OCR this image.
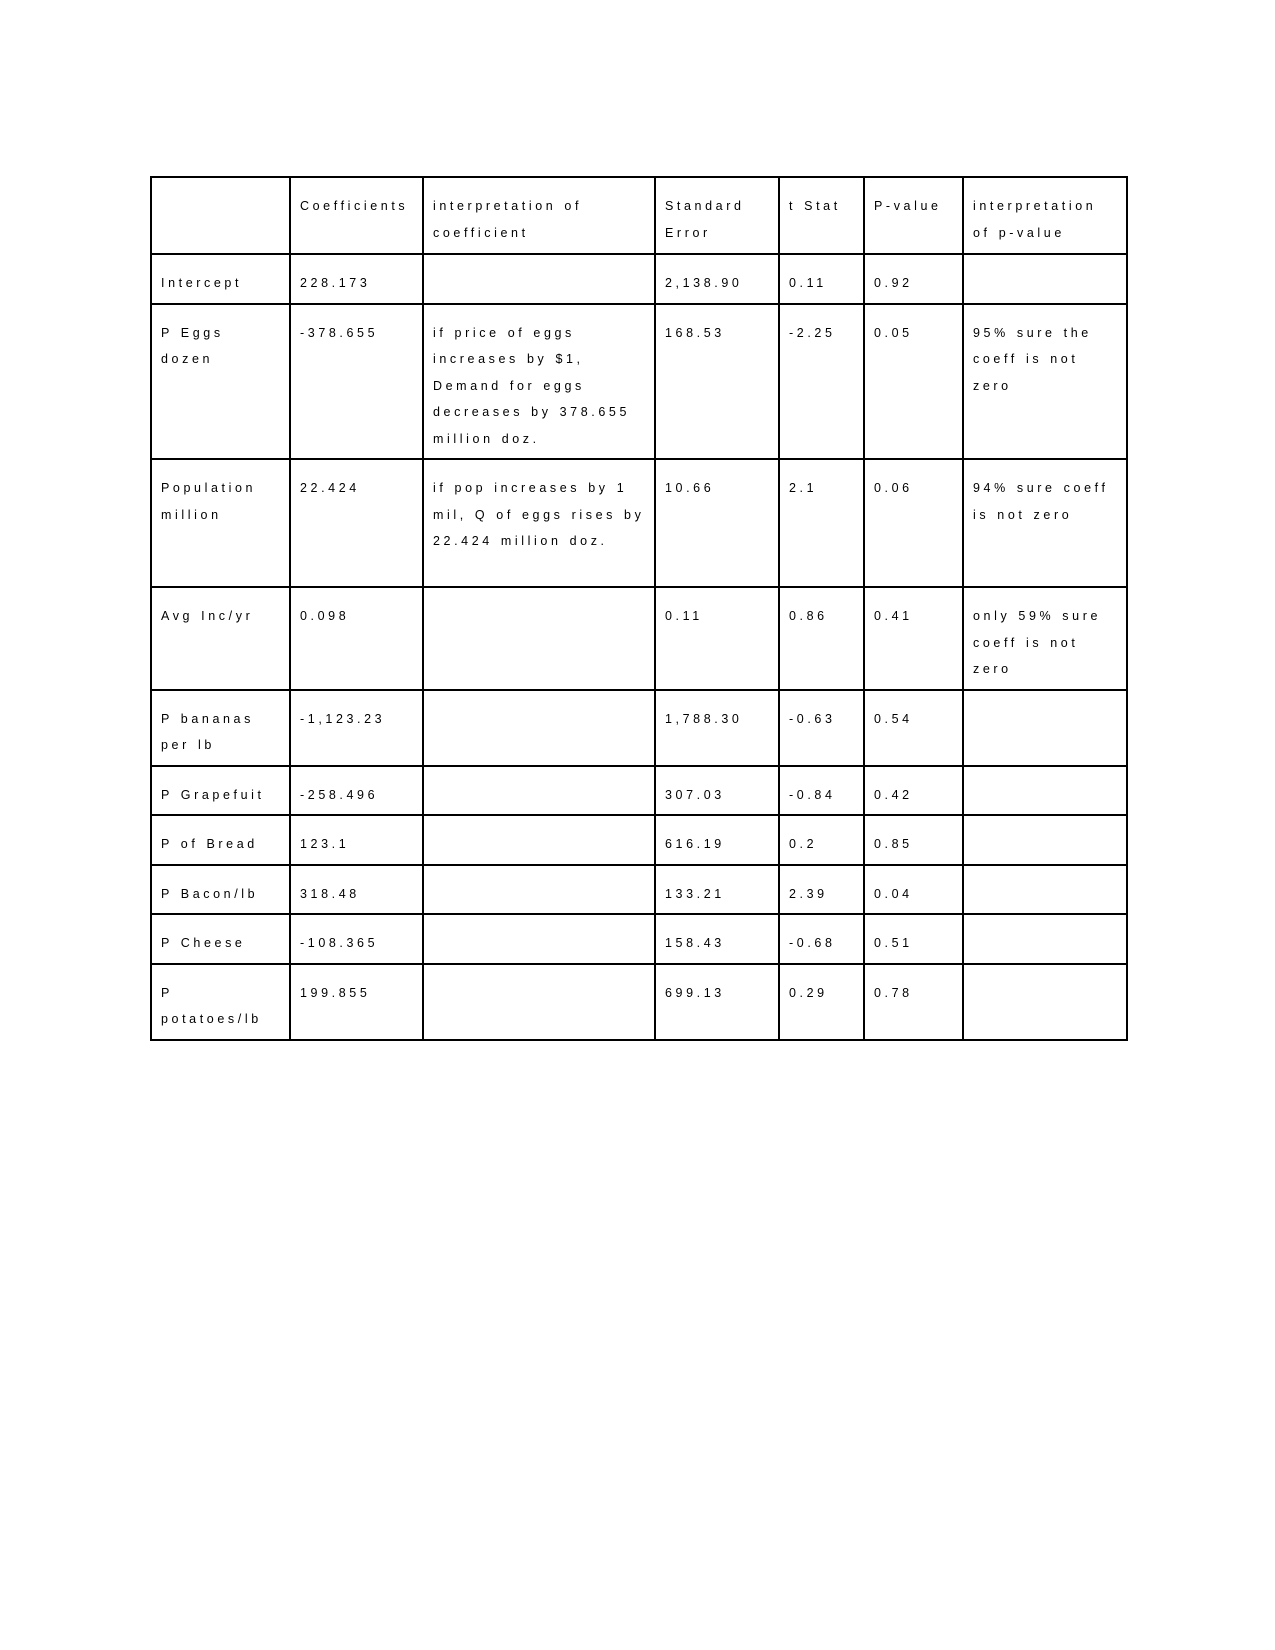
	Coefficients	interpretation of coefficient	Standard Error	t Stat	P-value	interpretation of p-value

Intercept	228.173		2,138.90	0.11	0.92	

P Eggs dozen	-378.655	if price of eggs increases by $1, Demand for eggs decreases by 378.655 million doz.	168.53	-2.25	0.05	95% sure the coeff is not zero

Population million	22.424	if pop increases by 1 mil, Q of eggs rises by 22.424 million doz.	10.66	2.1	0.06	94% sure coeff is not zero

Avg Inc/yr	0.098		0.11	0.86	0.41	only 59% sure coeff is not zero

P bananas per lb	-1,123.23		1,788.30	-0.63	0.54	

P Grapefuit	-258.496		307.03	-0.84	0.42	

P of Bread	123.1		616.19	0.2	0.85	

P Bacon/lb	318.48		133.21	2.39	0.04	

P Cheese	-108.365		158.43	-0.68	0.51	

P potatoes/lb	199.855		699.13	0.29	0.78	
